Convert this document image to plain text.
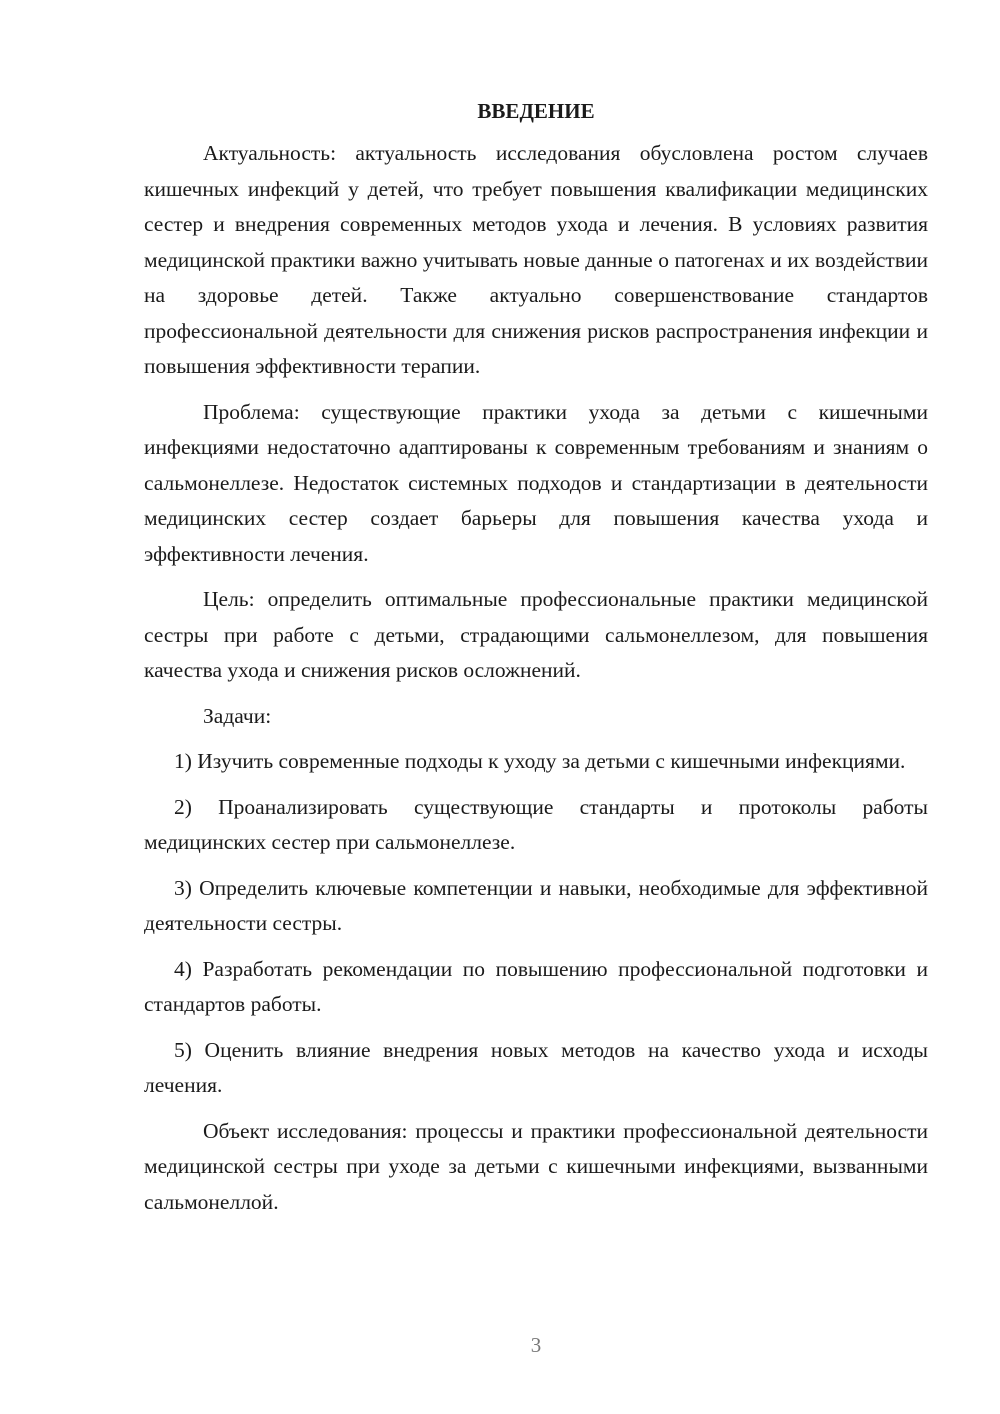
ВВЕДЕНИЕ

Актуальность: актуальность исследования обусловлена ростом случаев кишечных инфекций у детей, что требует повышения квалификации медицинских сестер и внедрения современных методов ухода и лечения. В условиях развития медицинской практики важно учитывать новые данные о патогенах и их воздействии на здоровье детей. Также актуально совершенствование стандартов профессиональной деятельности для снижения рисков распространения инфекции и повышения эффективности терапии.

Проблема: существующие практики ухода за детьми с кишечными инфекциями недостаточно адаптированы к современным требованиям и знаниям о сальмонеллезе. Недостаток системных подходов и стандартизации в деятельности медицинских сестер создает барьеры для повышения качества ухода и эффективности лечения.

Цель: определить оптимальные профессиональные практики медицинской сестры при работе с детьми, страдающими сальмонеллезом, для повышения качества ухода и снижения рисков осложнений.

Задачи:

1) Изучить современные подходы к уходу за детьми с кишечными инфекциями.

2) Проанализировать существующие стандарты и протоколы работы медицинских сестер при сальмонеллезе.

3) Определить ключевые компетенции и навыки, необходимые для эффективной деятельности сестры.

4) Разработать рекомендации по повышению профессиональной подготовки и стандартов работы.

5) Оценить влияние внедрения новых методов на качество ухода и исходы лечения.

Объект исследования: процессы и практики профессиональной деятельности медицинской сестры при уходе за детьми с кишечными инфекциями, вызванными сальмонеллой.

3
